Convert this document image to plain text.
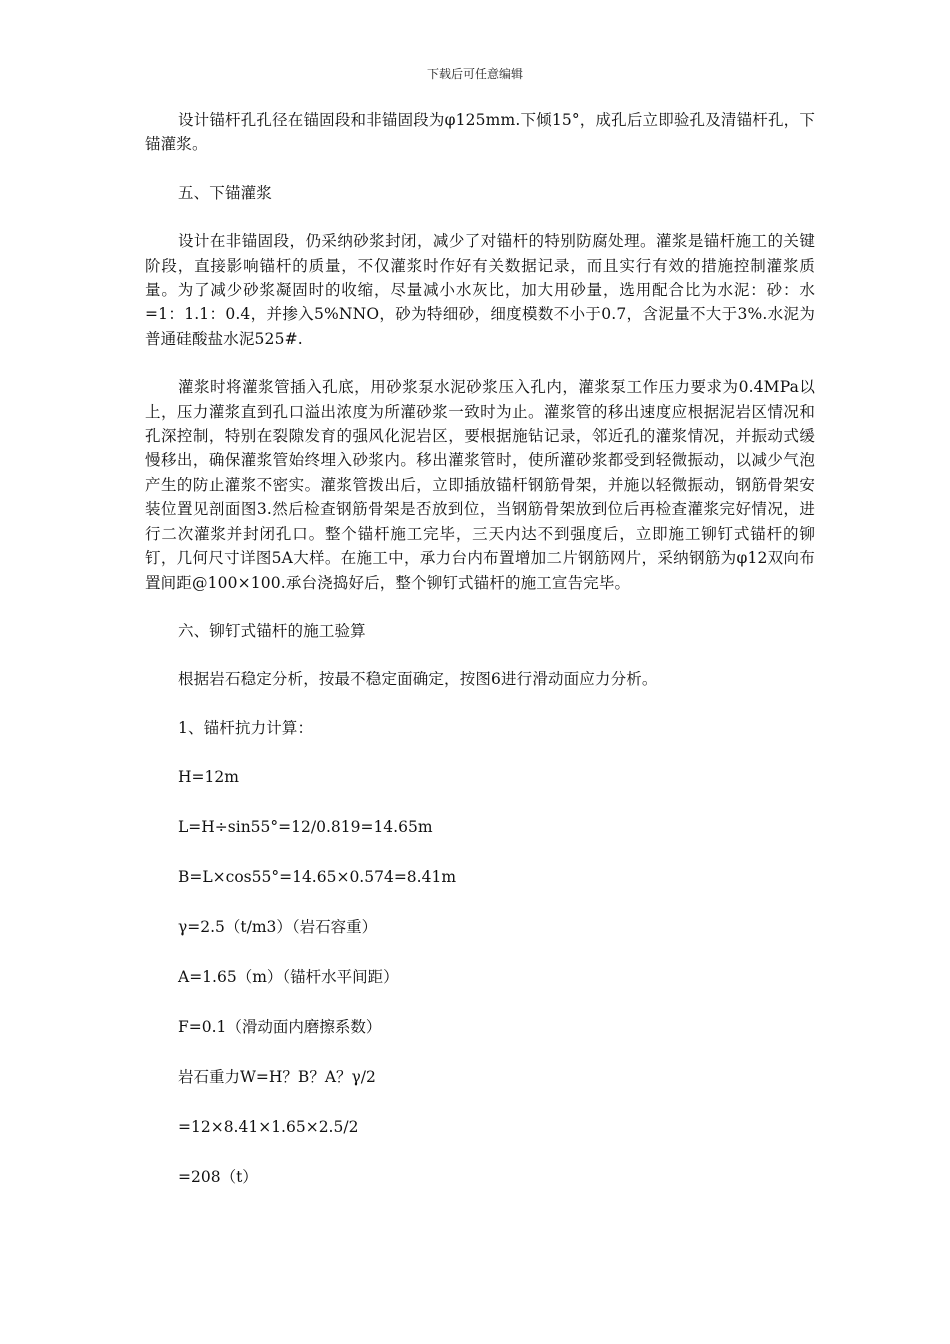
下载后可任意编辑

设计锚杆孔孔径在锚固段和非锚固段为φ125mm.下倾15°，成孔后立即验孔及清锚杆孔，下锚灌浆。

五、下锚灌浆

设计在非锚固段，仍采纳砂浆封闭，减少了对锚杆的特别防腐处理。灌浆是锚杆施工的关键阶段，直接影响锚杆的质量，不仅灌浆时作好有关数据记录，而且实行有效的措施控制灌浆质量。为了减少砂浆凝固时的收缩，尽量减小水灰比，加大用砂量，选用配合比为水泥：砂：水=1：1.1：0.4，并掺入5%NNO，砂为特细砂，细度模数不小于0.7，含泥量不大于3%.水泥为普通硅酸盐水泥525#.

灌浆时将灌浆管插入孔底，用砂浆泵水泥砂浆压入孔内，灌浆泵工作压力要求为0.4MPa以上，压力灌浆直到孔口溢出浓度为所灌砂浆一致时为止。灌浆管的移出速度应根据泥岩区情况和孔深控制，特别在裂隙发育的强风化泥岩区，要根据施钻记录，邻近孔的灌浆情况，并振动式缓慢移出，确保灌浆管始终埋入砂浆内。移出灌浆管时，使所灌砂浆都受到轻微振动，以减少气泡产生的防止灌浆不密实。灌浆管拨出后，立即插放锚杆钢筋骨架，并施以轻微振动，钢筋骨架安装位置见剖面图3.然后检查钢筋骨架是否放到位，当钢筋骨架放到位后再检查灌浆完好情况，进行二次灌浆并封闭孔口。整个锚杆施工完毕，三天内达不到强度后，立即施工铆钉式锚杆的铆钉，几何尺寸详图5A大样。在施工中，承力台内布置增加二片钢筋网片，采纳钢筋为φ12双向布置间距@100×100.承台浇捣好后，整个铆钉式锚杆的施工宣告完毕。

六、铆钉式锚杆的施工验算

根据岩石稳定分析，按最不稳定面确定，按图6进行滑动面应力分析。

1、锚杆抗力计算：

H=12m

L=H÷sin55°=12/0.819=14.65m

B=L×cos55°=14.65×0.574=8.41m

γ=2.5（t/m3）（岩石容重）

A=1.65（m）（锚杆水平间距）

F=0.1（滑动面内磨擦系数）

岩石重力W=H？B？A？γ/2

=12×8.41×1.65×2.5/2

=208（t）
